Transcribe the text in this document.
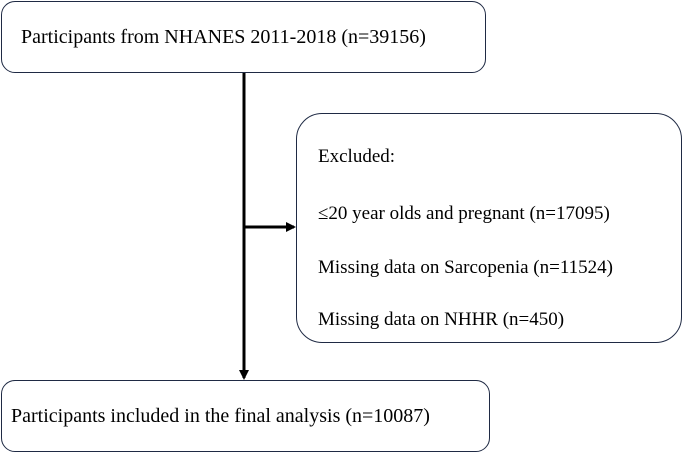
Participants from NHANES 2011-2018 (n=39156)
Excluded:
≤20 year olds and pregnant (n=17095)
Missing data on Sarcopenia (n=11524)
Missing data on NHHR (n=450)
Participants included in the final analysis (n=10087)
